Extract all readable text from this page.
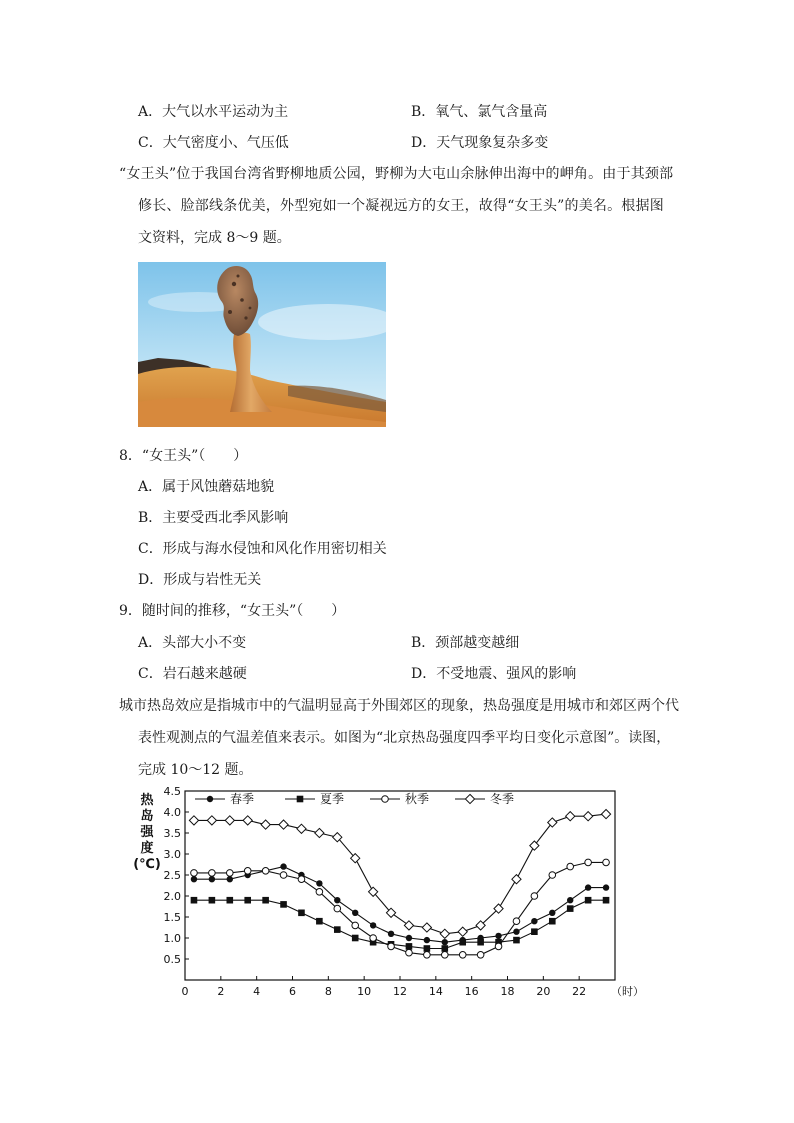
A．大气以水平运动为主	B．氧气、氯气含量高
C．大气密度小、气压低	D．天气现象复杂多变
“女王头”位于我国台湾省野柳地质公园，野柳为大屯山余脉伸出海中的岬角。由于其颈部
修长、脸部线条优美，外型宛如一个凝视远方的女王，故得“女王头”的美名。根据图
文资料，完成 8～9 题。
8．“女王头”（　　）
A．属于风蚀蘑菇地貌
B．主要受西北季风影响
C．形成与海水侵蚀和风化作用密切相关
D．形成与岩性无关
9．随时间的推移，“女王头”（　　）
A．头部大小不变	B．颈部越变越细
C．岩石越来越硬	D．不受地震、强风的影响
城市热岛效应是指城市中的气温明显高于外围郊区的现象，热岛强度是用城市和郊区两个代
表性观测点的气温差值来表示。如图为“北京热岛强度四季平均日变化示意图”。读图，
完成 10～12 题。
0.5
1.0
1.5
2.0
2.5
3.0
3.5
4.0
4.5
0	2	4	6	8 10 12 14 16 18 20 22 （时）
热
岛
强
度
(℃)
春季	夏季	秋季	冬季
